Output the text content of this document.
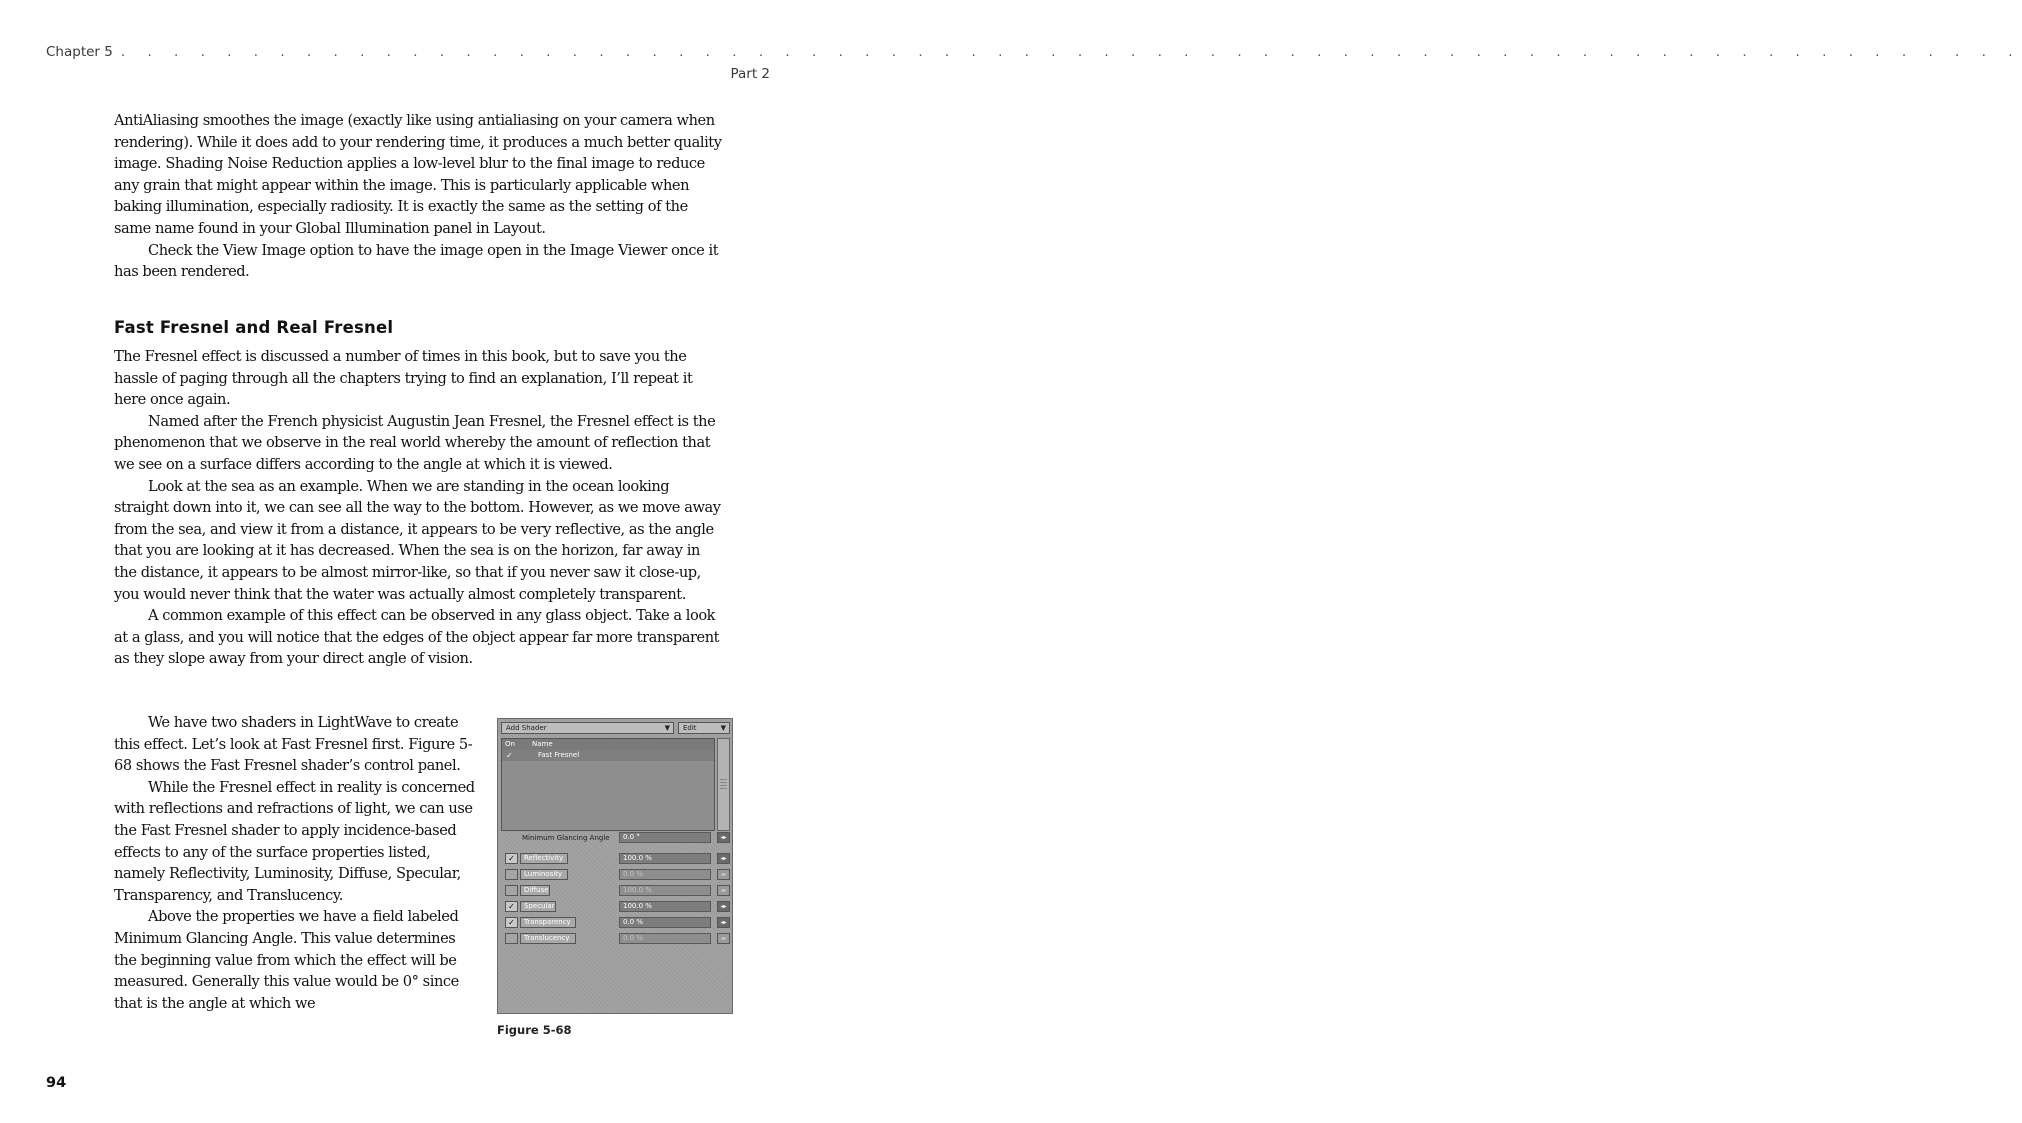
Chapter 5 . . . . . . . . . . . . . . . . . . . . . . . . . . . . . . . . . . . . . . . . . . . . . . . . . . . . . . . . . . . . . . . . . . . . . . . .
Part 2

AntiAliasing smoothes the image (exactly like using antialiasing on your camera when rendering). While it does add to your rendering time, it produces a much better quality image. Shading Noise Reduction applies a low-level blur to the final image to reduce any grain that might appear within the image. This is particularly applicable when baking illumination, especially radiosity. It is exactly the same as the setting of the same name found in your Global Illumination panel in Layout.

Check the View Image option to have the image open in the Image Viewer once it has been rendered.

Fast Fresnel and Real Fresnel

The Fresnel effect is discussed a number of times in this book, but to save you the hassle of paging through all the chapters trying to find an explanation, I’ll repeat it here once again.

Named after the French physicist Augustin Jean Fresnel, the Fresnel effect is the phenomenon that we observe in the real world whereby the amount of reflection that we see on a surface differs according to the angle at which it is viewed.

Look at the sea as an example. When we are standing in the ocean looking straight down into it, we can see all the way to the bottom. However, as we move away from the sea, and view it from a distance, it appears to be very reflective, as the angle that you are looking at it has decreased. When the sea is on the horizon, far away in the distance, it appears to be almost mirror-like, so that if you never saw it close-up, you would never think that the water was actually almost completely transparent.

A common example of this effect can be observed in any glass object. Take a look at a glass, and you will notice that the edges of the object appear far more transparent as they slope away from your direct angle of vision.

We have two shaders in LightWave to create this effect. Let’s look at Fast Fresnel first. Figure 5-68 shows the Fast Fresnel shader’s control panel.

While the Fresnel effect in reality is concerned with reflections and refractions of light, we can use the Fast Fresnel shader to apply incidence-based effects to any of the surface properties listed, namely Reflectivity, Luminosity, Diffuse, Specular, Transparency, and Translucency.

Above the properties we have a field labeled Minimum Glancing Angle. This value determines the beginning value from which the effect will be measured. Generally this value would be 0° since that is the angle at which we

Add Shader	▼	Edit	▼
On Name
✓	Fast Fresnel
Minimum Glancing Angle	0.0 °	◂▸
✓	Reflectivity	100.0 %	◂▸
Luminosity	0.0 %	◂▸
Diffuse	100.0 %	◂▸
✓	Specular	100.0 %	◂▸
✓	Transparency	0.0 %	◂▸
Translucency	0.0 %	◂▸
Figure 5-68
94
